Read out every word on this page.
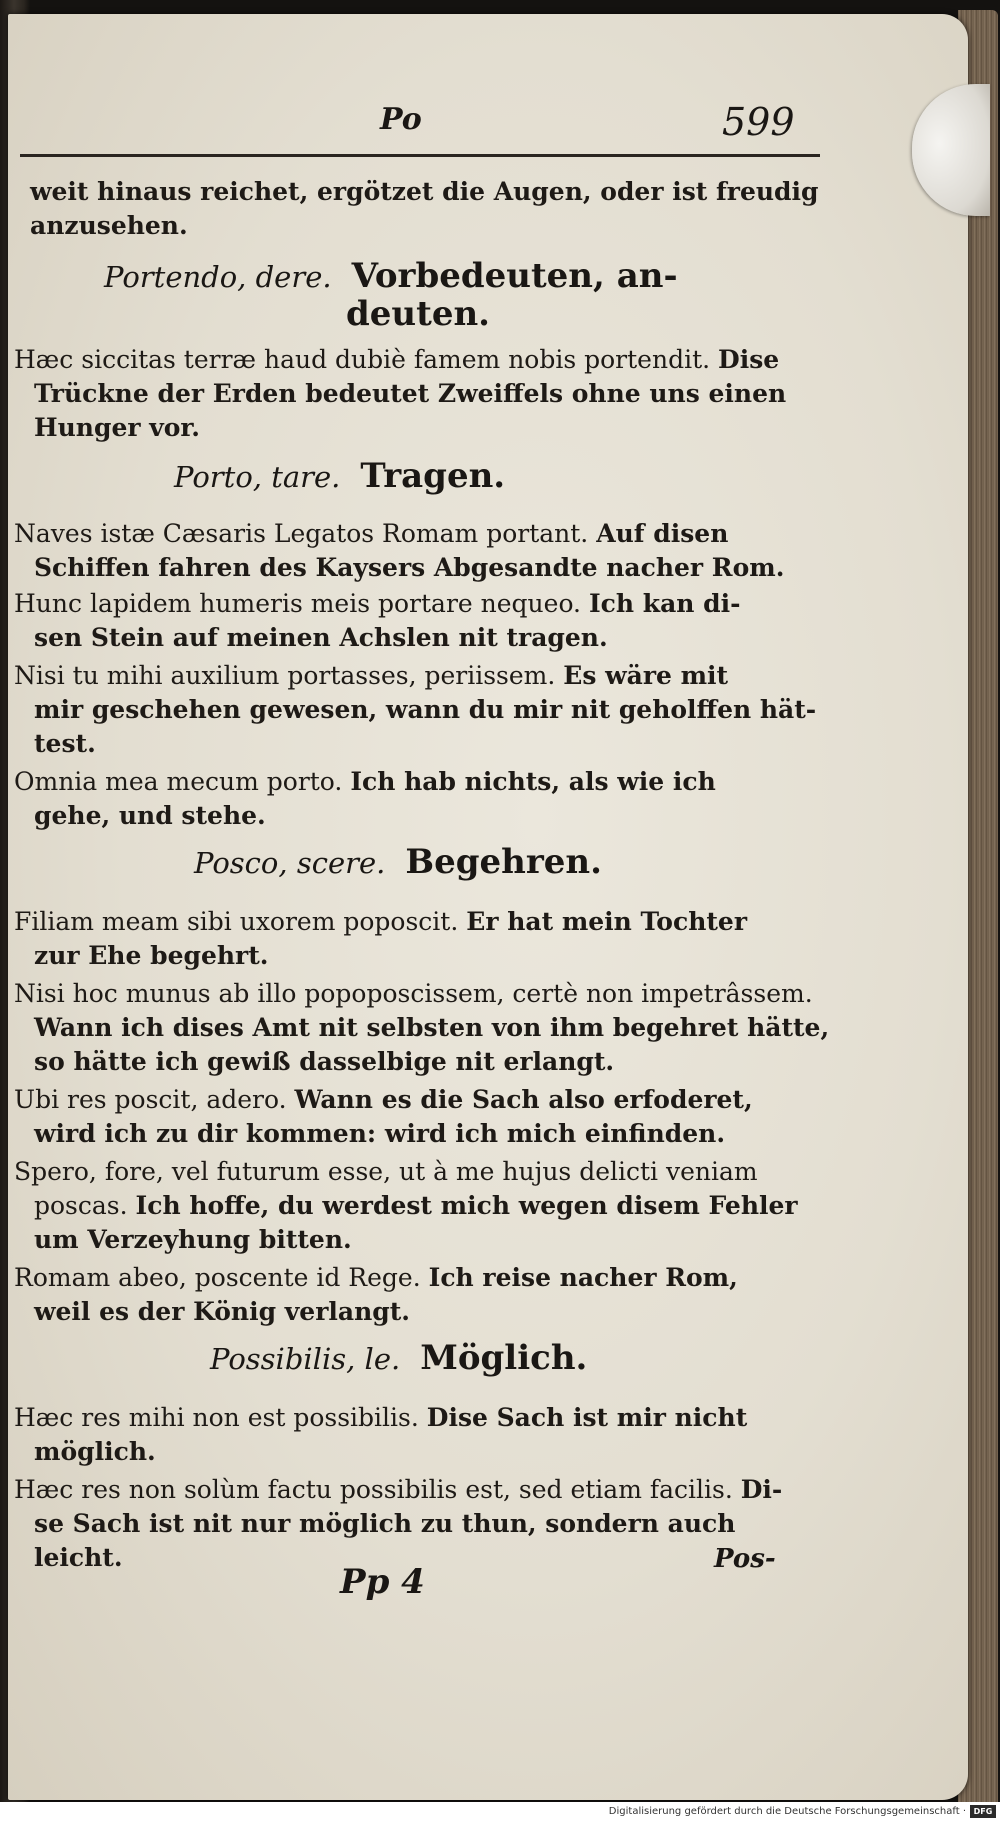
Po	599
weit hinaus reichet, ergötzet die Augen, oder ist freudig
anzusehen.
Portendo, dere. Vorbedeuten, an-
deuten.
Hæc siccitas terræ haud dubiè famem nobis portendit. Dise
Trückne der Erden bedeutet Zweiffels ohne uns einen
Hunger vor.
Porto, tare. Tragen.
Naves istæ Cæsaris Legatos Romam portant. Auf disen
Schiffen fahren des Kaysers Abgesandte nacher Rom.
Hunc lapidem humeris meis portare nequeo. Ich kan di-
sen Stein auf meinen Achslen nit tragen.
Nisi tu mihi auxilium portasses, periissem. Es wäre mit
mir geschehen gewesen, wann du mir nit geholffen hät-
test.
Omnia mea mecum porto. Ich hab nichts, als wie ich
gehe, und stehe.
Posco, scere. Begehren.
Filiam meam sibi uxorem poposcit. Er hat mein Tochter
zur Ehe begehrt.
Nisi hoc munus ab illo popoposcissem, certè non impetrâssem.
Wann ich dises Amt nit selbsten von ihm begehret hätte,
so hätte ich gewiß dasselbige nit erlangt.
Ubi res poscit, adero. Wann es die Sach also erfoderet,
wird ich zu dir kommen: wird ich mich einfinden.
Spero, fore, vel futurum esse, ut à me hujus delicti veniam
poscas. Ich hoffe, du werdest mich wegen disem Fehler
um Verzeyhung bitten.
Romam abeo, poscente id Rege. Ich reise nacher Rom,
weil es der König verlangt.
Possibilis, le. Möglich.
Hæc res mihi non est possibilis. Dise Sach ist mir nicht
möglich.
Hæc res non solùm factu possibilis est, sed etiam facilis. Di-
se Sach ist nit nur möglich zu thun, sondern auch
leicht.
Pp 4
Pos-
Digitalisierung gefördert durch die Deutsche Forschungsgemeinschaft · DFG
